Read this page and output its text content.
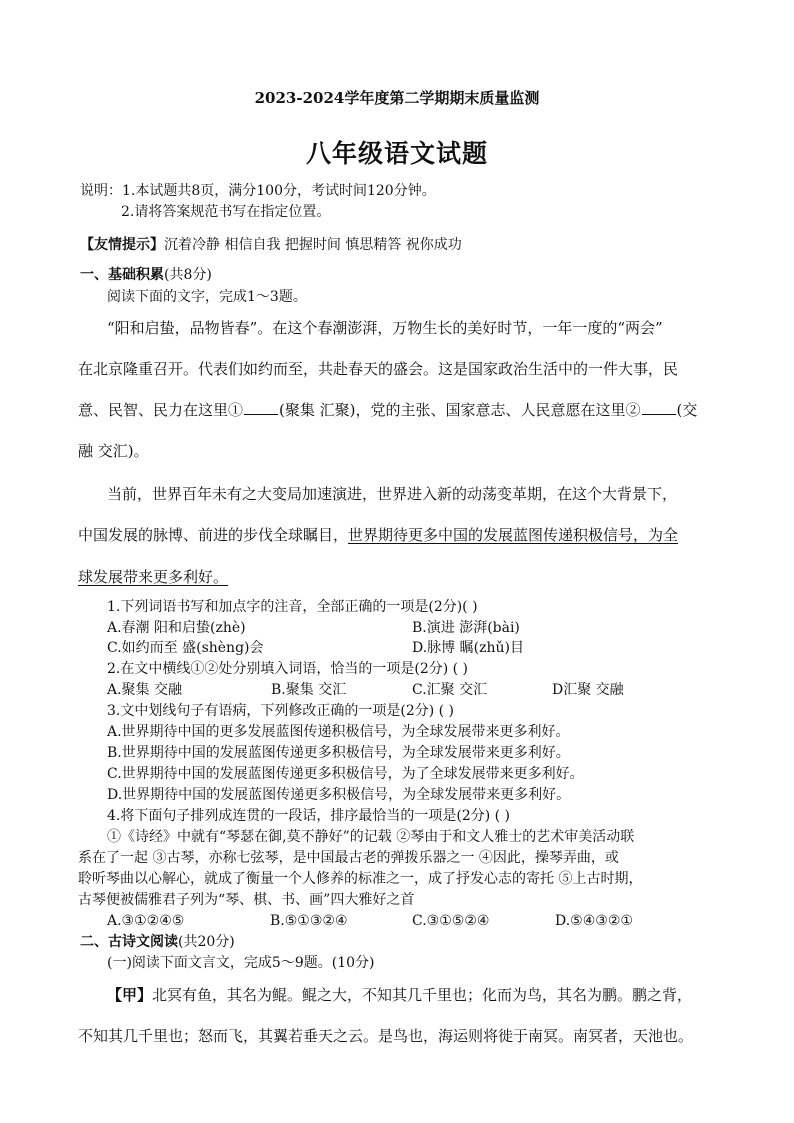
2023-2024学年度第二学期期末质量监测
八年级语文试题
说明：1.本试题共8页，满分100分，考试时间120分钟。
2.请将答案规范书写在指定位置。
【友情提示】沉着冷静 相信自我 把握时间 慎思精答 祝你成功
一、基础积累(共8分)
阅读下面的文字，完成1～3题。
“阳和启蛰，品物皆春”。在这个春潮澎湃，万物生长的美好时节，一年一度的“两会”
在北京隆重召开。代表们如约而至，共赴春天的盛会。这是国家政治生活中的一件大事，民
意、民智、民力在这里① (聚集 汇聚)，党的主张、国家意志、人民意愿在这里② (交
融 交汇)。
当前，世界百年未有之大变局加速演进，世界进入新的动荡变革期，在这个大背景下，
中国发展的脉博、前进的步伐全球瞩目，世界期待更多中国的发展蓝图传递积极信号，为全
球发展带来更多利好。
1.下列词语书写和加点字的注音，全部正确的一项是(2分)( )
A.春潮 阳和启蛰(zhè)	B.演进 澎湃(bài)
C.如约而至 盛(shèng)会	D.脉博 瞩(zhǔ)目
2.在文中横线①②处分别填入词语，恰当的一项是(2分) ( )
A.聚集 交融	B.聚集 交汇	C.汇聚 交汇	D汇聚 交融
3.文中划线句子有语病，下列修改正确的一项是(2分) ( )
A.世界期待中国的更多发展蓝图传递积极信号，为全球发展带来更多利好。
B.世界期待中国的发展蓝图传递更多积极信号，为全球发展带来更多利好。
C.世界期待中国的发展蓝图传递更多积极信号，为了全球发展带来更多利好。
D.世界期待中国的发展蓝图传递更多积极信号，为全球发展带来更多利好。
4.将下面句子排列成连贯的一段话，排序最恰当的一项是(2分) ( )
①《诗经》中就有“琴瑟在御,莫不静好”的记载 ②琴由于和文人雅士的艺术审美活动联
系在了一起 ③古琴，亦称七弦琴，是中国最古老的弹拨乐器之一 ④因此，操琴弄曲，或
聆听琴曲以心解心，就成了衡量一个人修养的标准之一，成了抒发心志的寄托 ⑤上古时期，
古琴便被儒雅君子列为“琴、棋、书、画”四大雅好之首
A.③①②④⑤	B.⑤①③②④	C.③①⑤②④	D.⑤④③②①
二、古诗文阅读(共20分)
(一)阅读下面文言文，完成5～9题。(10分)
【甲】北冥有鱼，其名为鲲。鲲之大，不知其几千里也；化而为鸟，其名为鹏。鹏之背，
不知其几千里也；怒而飞，其翼若垂天之云。是鸟也，海运则将徙于南冥。南冥者，天池也。
